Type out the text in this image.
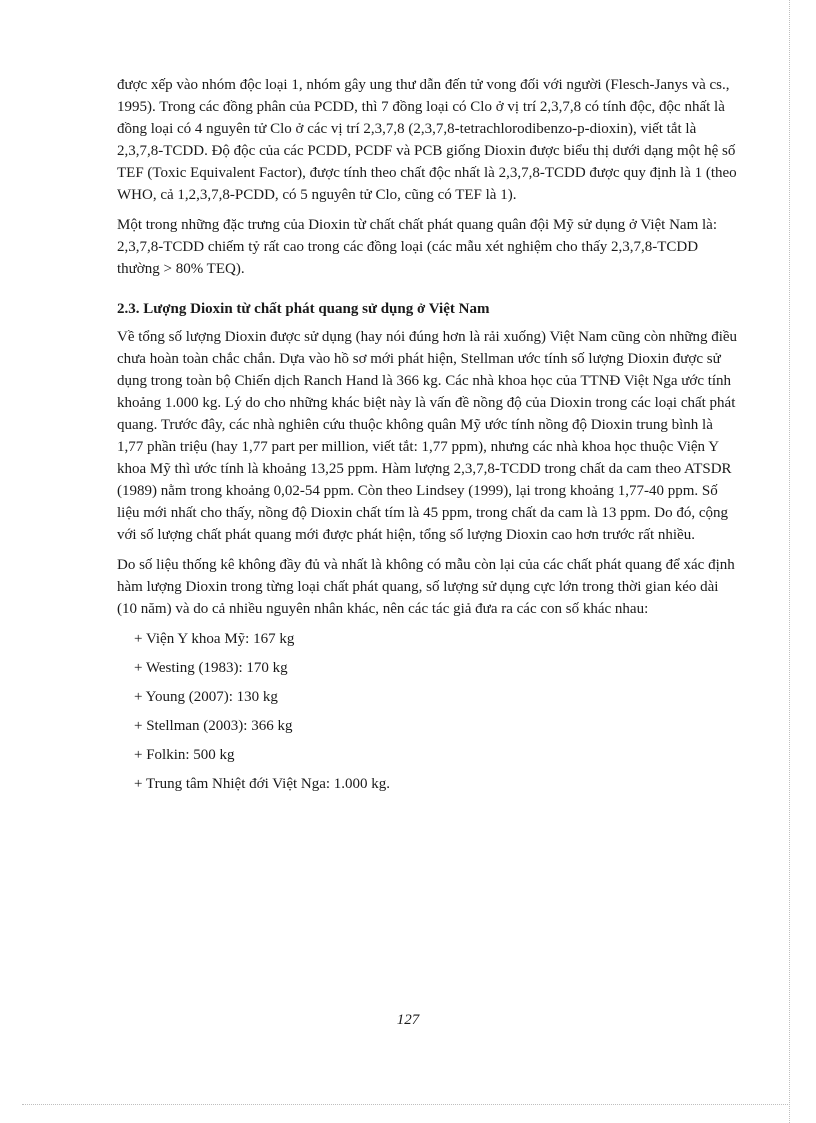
được xếp vào nhóm độc loại 1, nhóm gây ung thư dẫn đến tử vong đối với người (Flesch-Janys và cs., 1995). Trong các đồng phân của PCDD, thì 7 đồng loại có Clo ở vị trí 2,3,7,8 có tính độc, độc nhất là đồng loại có 4 nguyên tử Clo ở các vị trí 2,3,7,8 (2,3,7,8-tetrachlorodibenzo-p-dioxin), viết tắt là 2,3,7,8-TCDD. Độ độc của các PCDD, PCDF và PCB giống Dioxin được biểu thị dưới dạng một hệ số TEF (Toxic Equivalent Factor), được tính theo chất độc nhất là 2,3,7,8-TCDD được quy định là 1 (theo WHO, cả 1,2,3,7,8-PCDD, có 5 nguyên tử Clo, cũng có TEF là 1).

Một trong những đặc trưng của Dioxin từ chất chất phát quang quân đội Mỹ sử dụng ở Việt Nam là: 2,3,7,8-TCDD chiếm tỷ rất cao trong các đồng loại (các mẫu xét nghiệm cho thấy 2,3,7,8-TCDD thường > 80% TEQ).

2.3. Lượng Dioxin từ chất phát quang sử dụng ở Việt Nam

Về tổng số lượng Dioxin được sử dụng (hay nói đúng hơn là rải xuống) Việt Nam cũng còn những điều chưa hoàn toàn chắc chắn. Dựa vào hồ sơ mới phát hiện, Stellman ước tính số lượng Dioxin được sử dụng trong toàn bộ Chiến dịch Ranch Hand là 366 kg. Các nhà khoa học của TTNĐ Việt Nga ước tính khoảng 1.000 kg. Lý do cho những khác biệt này là vấn đề nồng độ của Dioxin trong các loại chất phát quang. Trước đây, các nhà nghiên cứu thuộc không quân Mỹ ước tính nồng độ Dioxin trung bình là 1,77 phần triệu (hay 1,77 part per million, viết tắt: 1,77 ppm), nhưng các nhà khoa học thuộc Viện Y khoa Mỹ thì ước tính là khoảng 13,25 ppm. Hàm lượng 2,3,7,8-TCDD trong chất da cam theo ATSDR (1989) nằm trong khoảng 0,02-54 ppm. Còn theo Lindsey (1999), lại trong khoảng 1,77-40 ppm. Số liệu mới nhất cho thấy, nồng độ Dioxin chất tím là 45 ppm, trong chất da cam là 13 ppm. Do đó, cộng với số lượng chất phát quang mới được phát hiện, tổng số lượng Dioxin cao hơn trước rất nhiều.

Do số liệu thống kê không đầy đủ và nhất là không có mẫu còn lại của các chất phát quang để xác định hàm lượng Dioxin trong từng loại chất phát quang, số lượng sử dụng cực lớn trong thời gian kéo dài (10 năm) và do cả nhiều nguyên nhân khác, nên các tác giả đưa ra các con số khác nhau:

+ Viện Y khoa Mỹ: 167 kg
+ Westing (1983): 170 kg
+ Young (2007): 130 kg
+ Stellman (2003): 366 kg
+ Folkin: 500 kg
+ Trung tâm Nhiệt đới Việt Nga: 1.000 kg.
127
